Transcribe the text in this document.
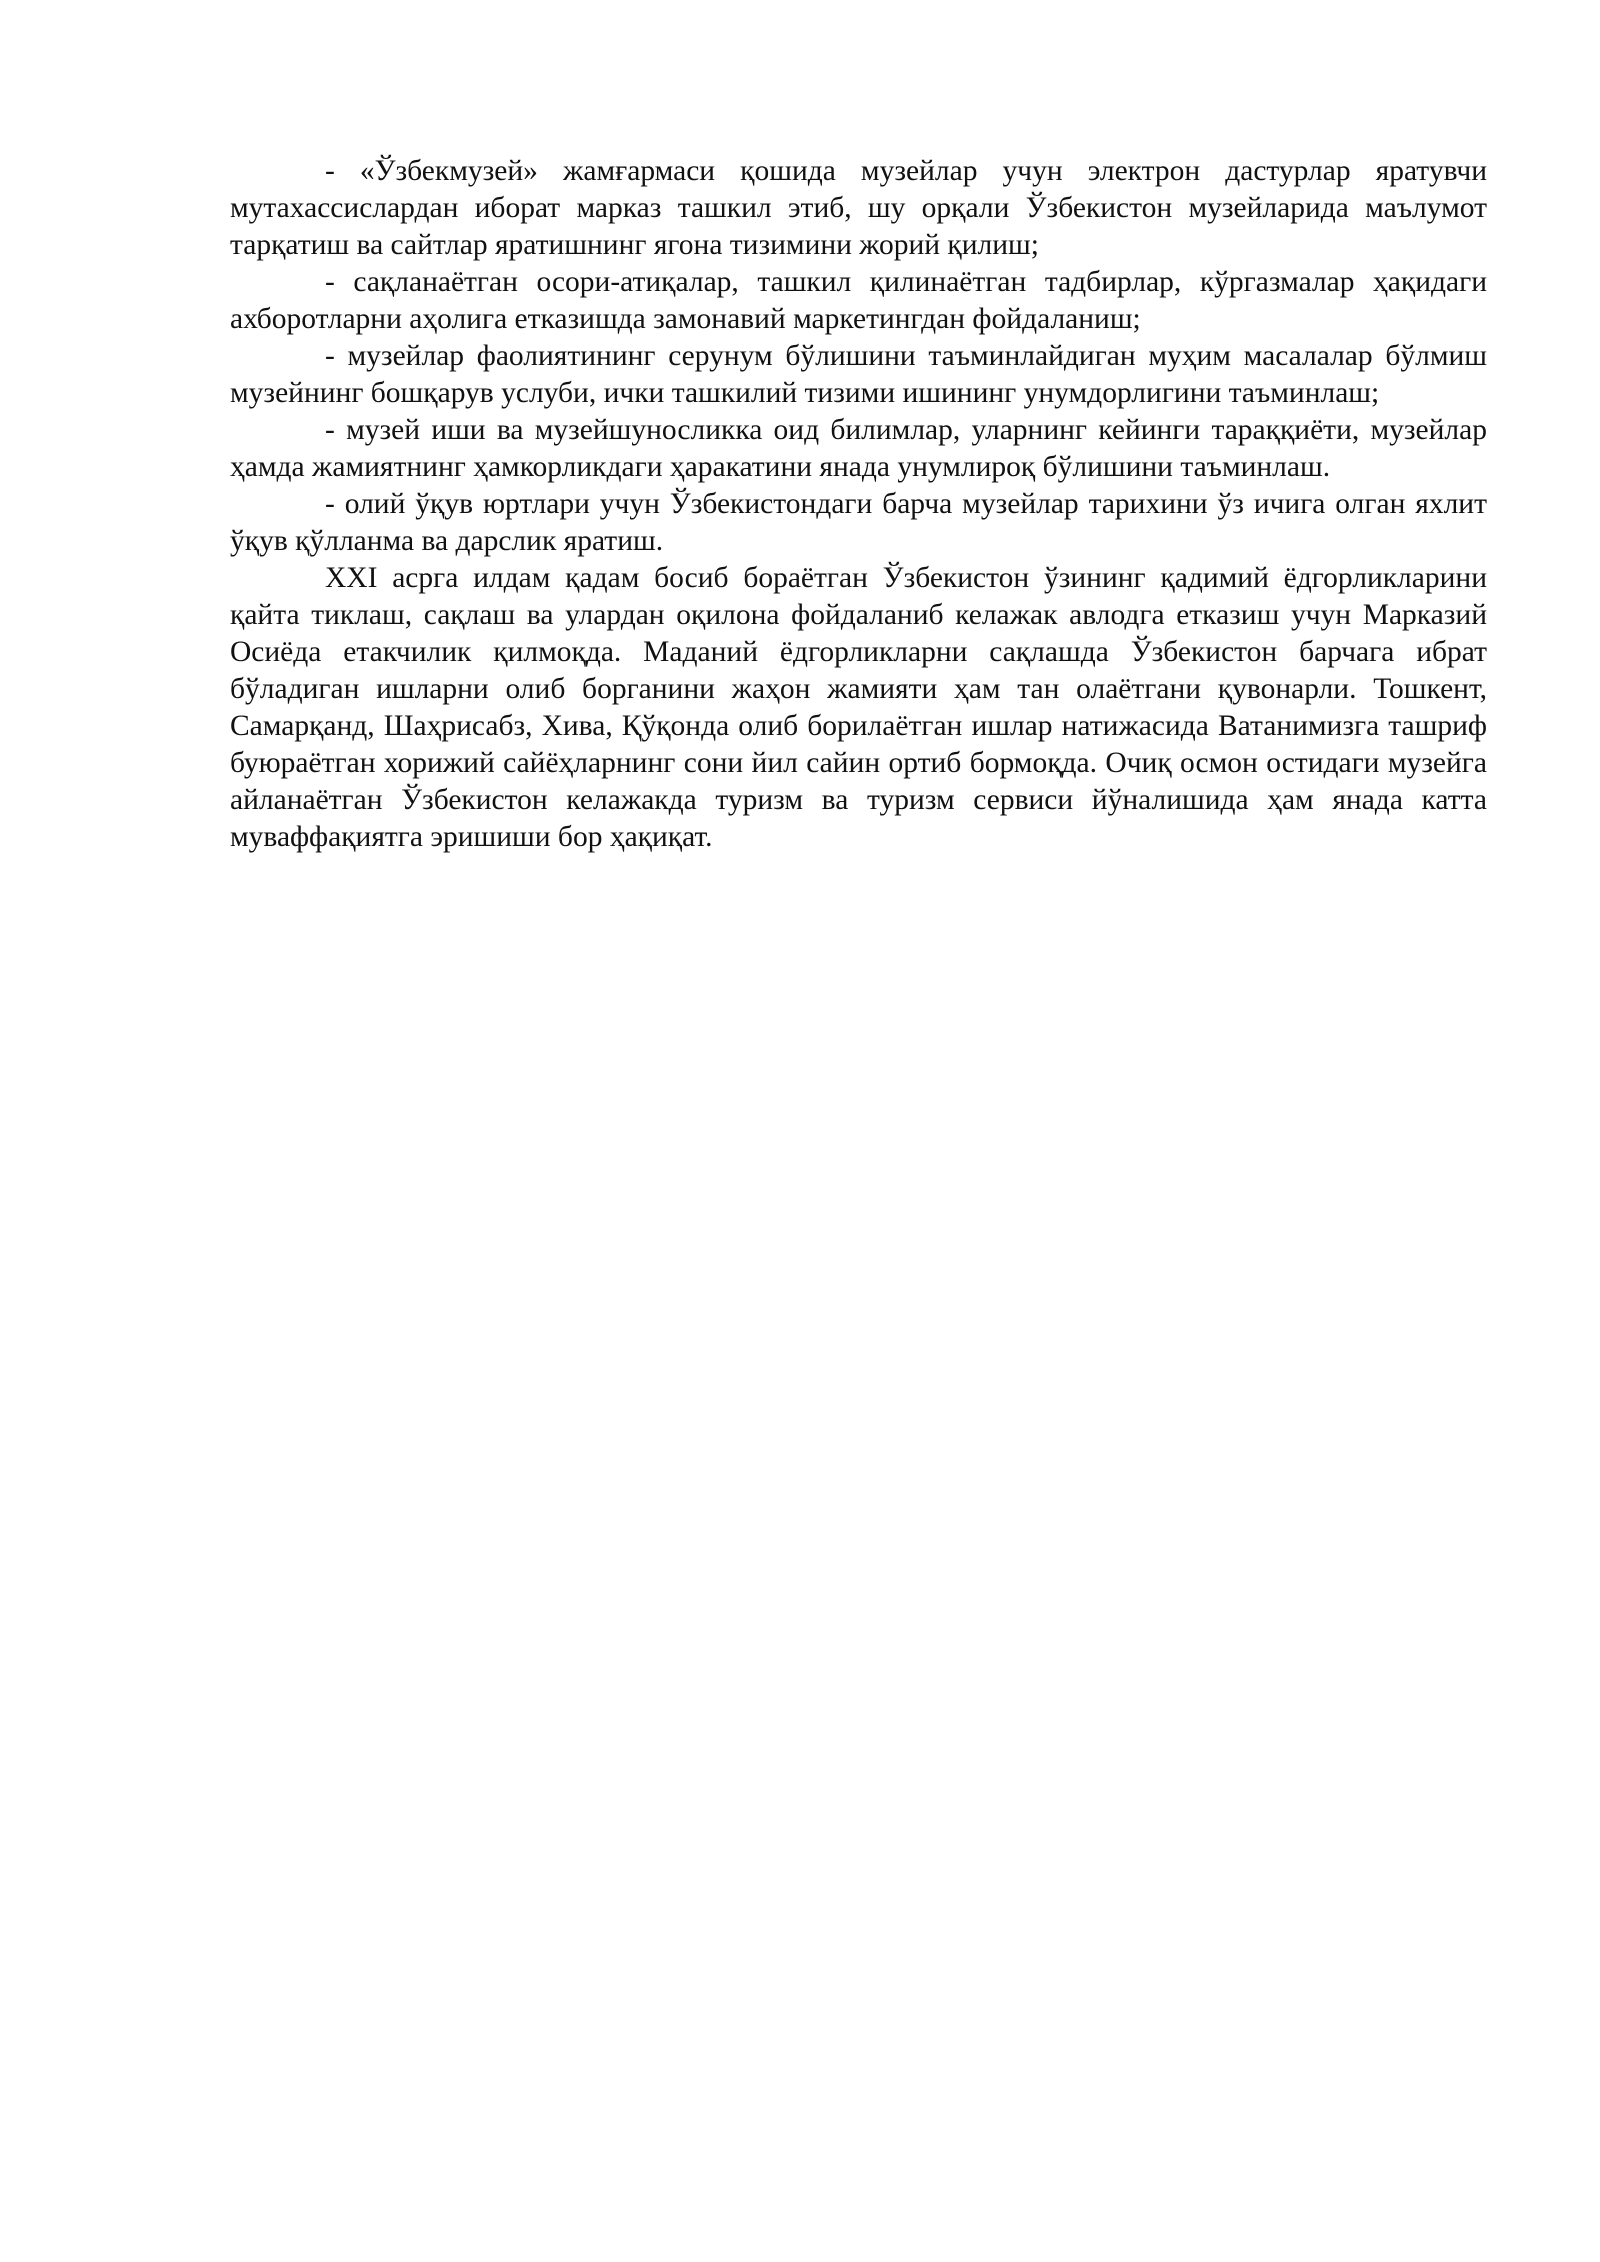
- «Ўзбекмузей» жамғармаси қошида музейлар учун электрон дастурлар яратувчи мутахассислардан иборат марказ ташкил этиб, шу орқали Ўзбекистон музейларида маълумот тарқатиш ва сайтлар яратишнинг ягона тизимини жорий қилиш;

- сақланаётган осори-атиқалар, ташкил қилинаётган тадбирлар, кўргазмалар ҳақидаги ахборотларни аҳолига етказишда замонавий маркетингдан фойдаланиш;

- музейлар фаолиятининг серунум бўлишини таъминлайдиган муҳим масалалар бўлмиш музейнинг бошқарув услуби, ички ташкилий тизими ишининг унумдорлигини таъминлаш;

- музей иши ва музейшуносликка оид билимлар, уларнинг кейинги тараққиёти, музейлар ҳамда жамиятнинг ҳамкорликдаги ҳаракатини янада унумлироқ бўлишини таъминлаш.

- олий ўқув юртлари учун Ўзбекистондаги барча музейлар тарихини ўз ичига олган яхлит ўқув қўлланма ва дарслик яратиш.

XXI асрга илдам қадам босиб бораётган Ўзбекистон ўзининг қадимий ёдгорликларини қайта тиклаш, сақлаш ва улардан оқилона фойдаланиб келажак авлодга етказиш учун Марказий Осиёда етакчилик қилмоқда. Маданий ёдгорликларни сақлашда Ўзбекистон барчага ибрат бўладиган ишларни олиб борганини жаҳон жамияти ҳам тан олаётгани қувонарли. Тошкент, Самарқанд, Шаҳрисабз, Хива, Қўқонда олиб борилаётган ишлар натижасида Ватанимизга ташриф буюраётган хорижий сайёҳларнинг сони йил сайин ортиб бормоқда. Очиқ осмон остидаги музейга айланаётган Ўзбекистон келажакда туризм ва туризм сервиси йўналишида ҳам янада катта муваффақиятга эришиши бор ҳақиқат.
